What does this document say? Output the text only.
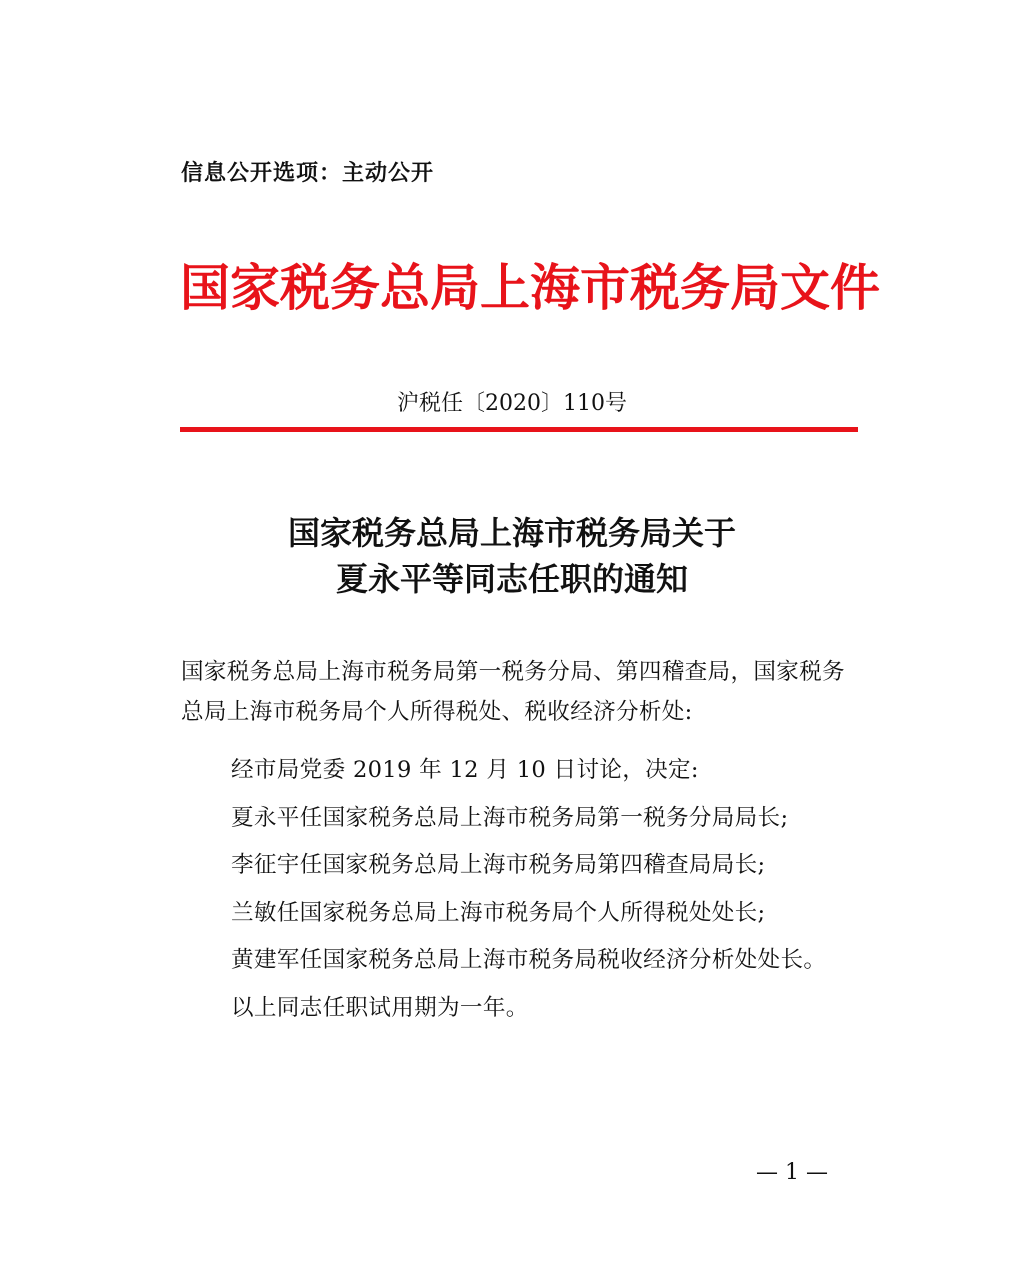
信息公开选项：主动公开
国家税务总局上海市税务局文件
沪税任〔2020〕110号
国家税务总局上海市税务局关于
夏永平等同志任职的通知
国家税务总局上海市税务局第一税务分局、第四稽查局，国家税务总局上海市税务局个人所得税处、税收经济分析处:
经市局党委 2019 年 12 月 10 日讨论，决定:
夏永平任国家税务总局上海市税务局第一税务分局局长;
李征宇任国家税务总局上海市税务局第四稽查局局长;
兰敏任国家税务总局上海市税务局个人所得税处处长;
黄建军任国家税务总局上海市税务局税收经济分析处处长。
以上同志任职试用期为一年。
— 1 —
